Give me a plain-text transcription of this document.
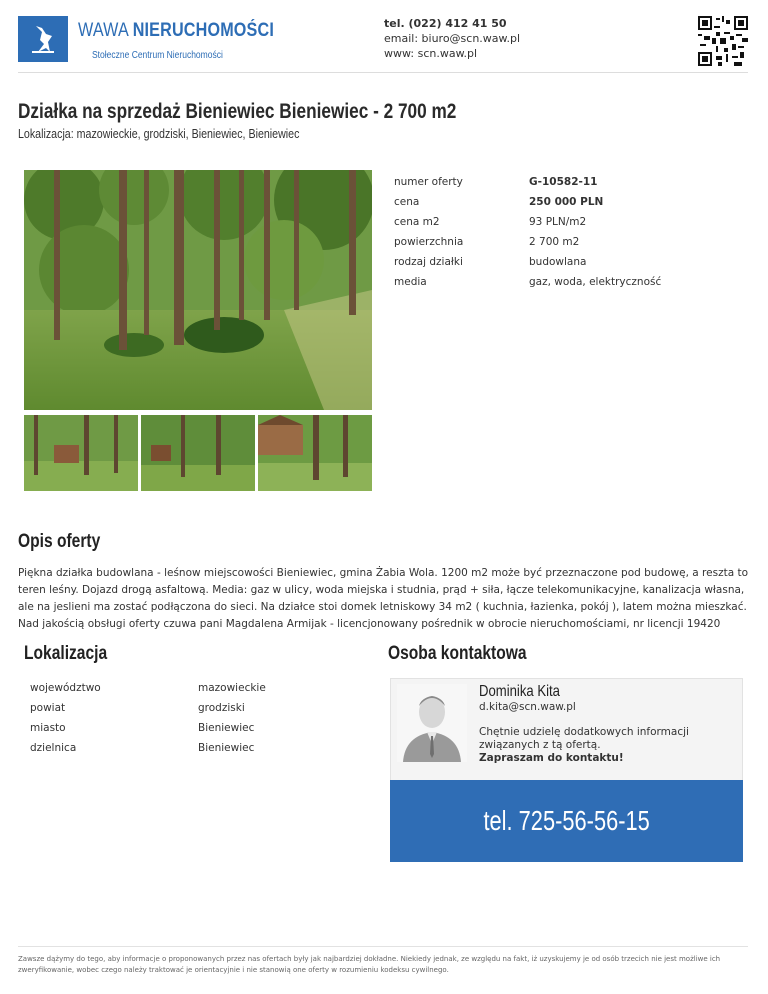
WAWA NIERUCHOMOŚCI
Stołeczne Centrum Nieruchomości
tel. (022) 412 41 50
email: biuro@scn.waw.pl
www: scn.waw.pl
Działka na sprzedaż Bieniewiec Bieniewiec - 2 700 m2
Lokalizacja: mazowieckie, grodziski, Bieniewiec, Bieniewiec
numer oferty	G-10582-11
cena	250 000 PLN
cena m2	93 PLN/m2
powierzchnia	2 700 m2
rodzaj działki	budowlana
media	gaz, woda, elektryczność
Opis oferty

Piękna działka budowlana - leśnow miejscowości Bieniewiec, gmina Żabia Wola. 1200 m2 może być przeznaczone pod budowę, a reszta to teren leśny. Dojazd drogą asfaltową. Media: gaz w ulicy, woda miejska i studnia, prąd + siła, łącze telekomunikacyjne, kanalizacja własna, ale na jeslieni ma zostać podłączona do sieci. Na działce stoi domek letniskowy 34 m2 ( kuchnia, łazienka, pokój ), latem można mieszkać. Nad jakością obsługi oferty czuwa pani Magdalena Armijak - licencjonowany pośrednik w obrocie nieruchomościami, nr licencji 19420

Lokalizacja
województwo	mazowieckie
powiat	grodziski
miasto	Bieniewiec
dzielnica	Bieniewiec
Osoba kontaktowa
Dominika Kita
d.kita@scn.waw.pl
Chętnie udzielę dodatkowych informacji związanych z tą ofertą.
Zapraszam do kontaktu!
tel. 725-56-56-15

Zawsze dążymy do tego, aby informacje o proponowanych przez nas ofertach były jak najbardziej dokładne. Niekiedy jednak, ze względu na fakt, iż uzyskujemy je od osób trzecich nie jest możliwe ich zweryfikowanie, wobec czego należy traktować je orientacyjnie i nie stanowią one oferty w rozumieniu kodeksu cywilnego.
